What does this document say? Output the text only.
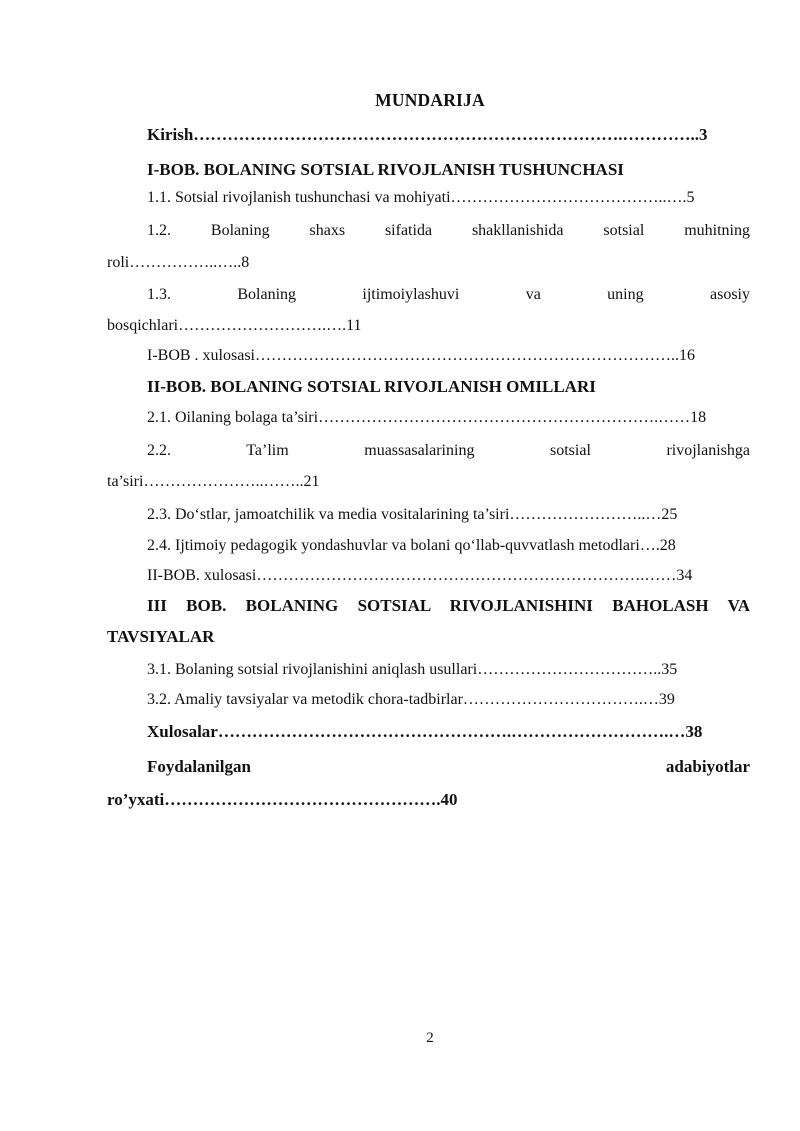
MUNDARIJA
Kirish………………………………………………………………….…………..3
I-BOB. BOLANING SOTSIAL RIVOJLANISH TUSHUNCHASI
1.1. Sotsial rivojlanish tushunchasi va mohiyati…………………………………..….5
1.2. Bolaning shaxs sifatida shakllanishida sotsial muhitning
roli……………..…..8
1.3. Bolaning ijtimoiylashuvi va uning asosiy
bosqichlari……………………….….11
I-BOB . xulosasi……………………………………………………………………..16
II-BOB. BOLANING SOTSIAL RIVOJLANISH OMILLARI
2.1. Oilaning bolaga ta’siri……………………………………………………….……18
2.2. Ta’lim muassasalarining sotsial rivojlanishga
ta’siri…………………..……..21
2.3. Do‘stlar, jamoatchilik va media vositalarining ta’siri……………………..…25
2.4. Ijtimoiy pedagogik yondashuvlar va bolani qo‘llab-quvvatlash metodlari….28
II-BOB. xulosasi……………………………………………………………….……34
III BOB. BOLANING SOTSIAL RIVOJLANISHINI BAHOLASH VA
TAVSIYALAR
3.1. Bolaning sotsial rivojlanishini aniqlash usullari……………………………..35
3.2. Amaliy tavsiyalar va metodik chora-tadbirlar…………………………….…39
Xulosalar…………………………………………….……………………….…38
Foydalanilgan adabiyotlar
ro’yxati………………………………………….40
2
